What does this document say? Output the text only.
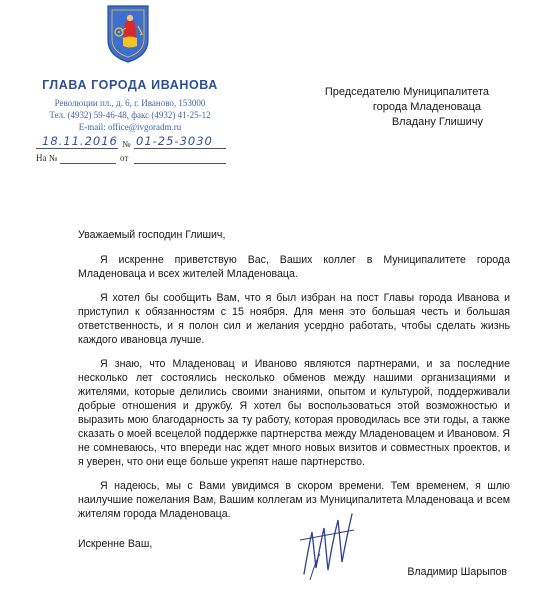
ГЛАВА ГОРОДА ИВАНОВА
Революции пл., д. 6, г. Иваново, 153000
Тел. (4932) 59-46-48, факс (4932) 41-25-12
E-mail: office@ivgoradm.ru
18.11.2016 № 01-25-3030
На №	от
Председателю Муниципалитета
города Младеноваца
Владану Глишичу
Уважаемый господин Глишич,

Я искренне приветствую Вас, Ваших коллег в Муниципалитете города Младеноваца и всех жителей Младеноваца.

Я хотел бы сообщить Вам, что я был избран на пост Главы города Иванова и приступил к обязанностям с 15 ноября. Для меня это большая честь и большая ответственность, и я полон сил и желания усердно работать, чтобы сделать жизнь каждого ивановца лучше.

Я знаю, что Младеновац и Иваново являются партнерами, и за последние несколько лет состоялись несколько обменов между нашими организациями и жителями, которые делились своими знаниями, опытом и культурой, поддерживали добрые отношения и дружбу. Я хотел бы воспользоваться этой возможностью и выразить мою благодарность за ту работу, которая проводилась все эти годы, а также сказать о моей всецелой поддержке партнерства между Младеновацем и Ивановом. Я не сомневаюсь, что впереди нас ждет много новых визитов и совместных проектов, и я уверен, что они еще больше укрепят наше партнерство.

Я надеюсь, мы с Вами увидимся в скором времени. Тем временем, я шлю наилучшие пожелания Вам, Вашим коллегам из Муниципалитета Младеноваца и всем жителям города Младеноваца.

Искренне Ваш,
Владимир Шарыпов
